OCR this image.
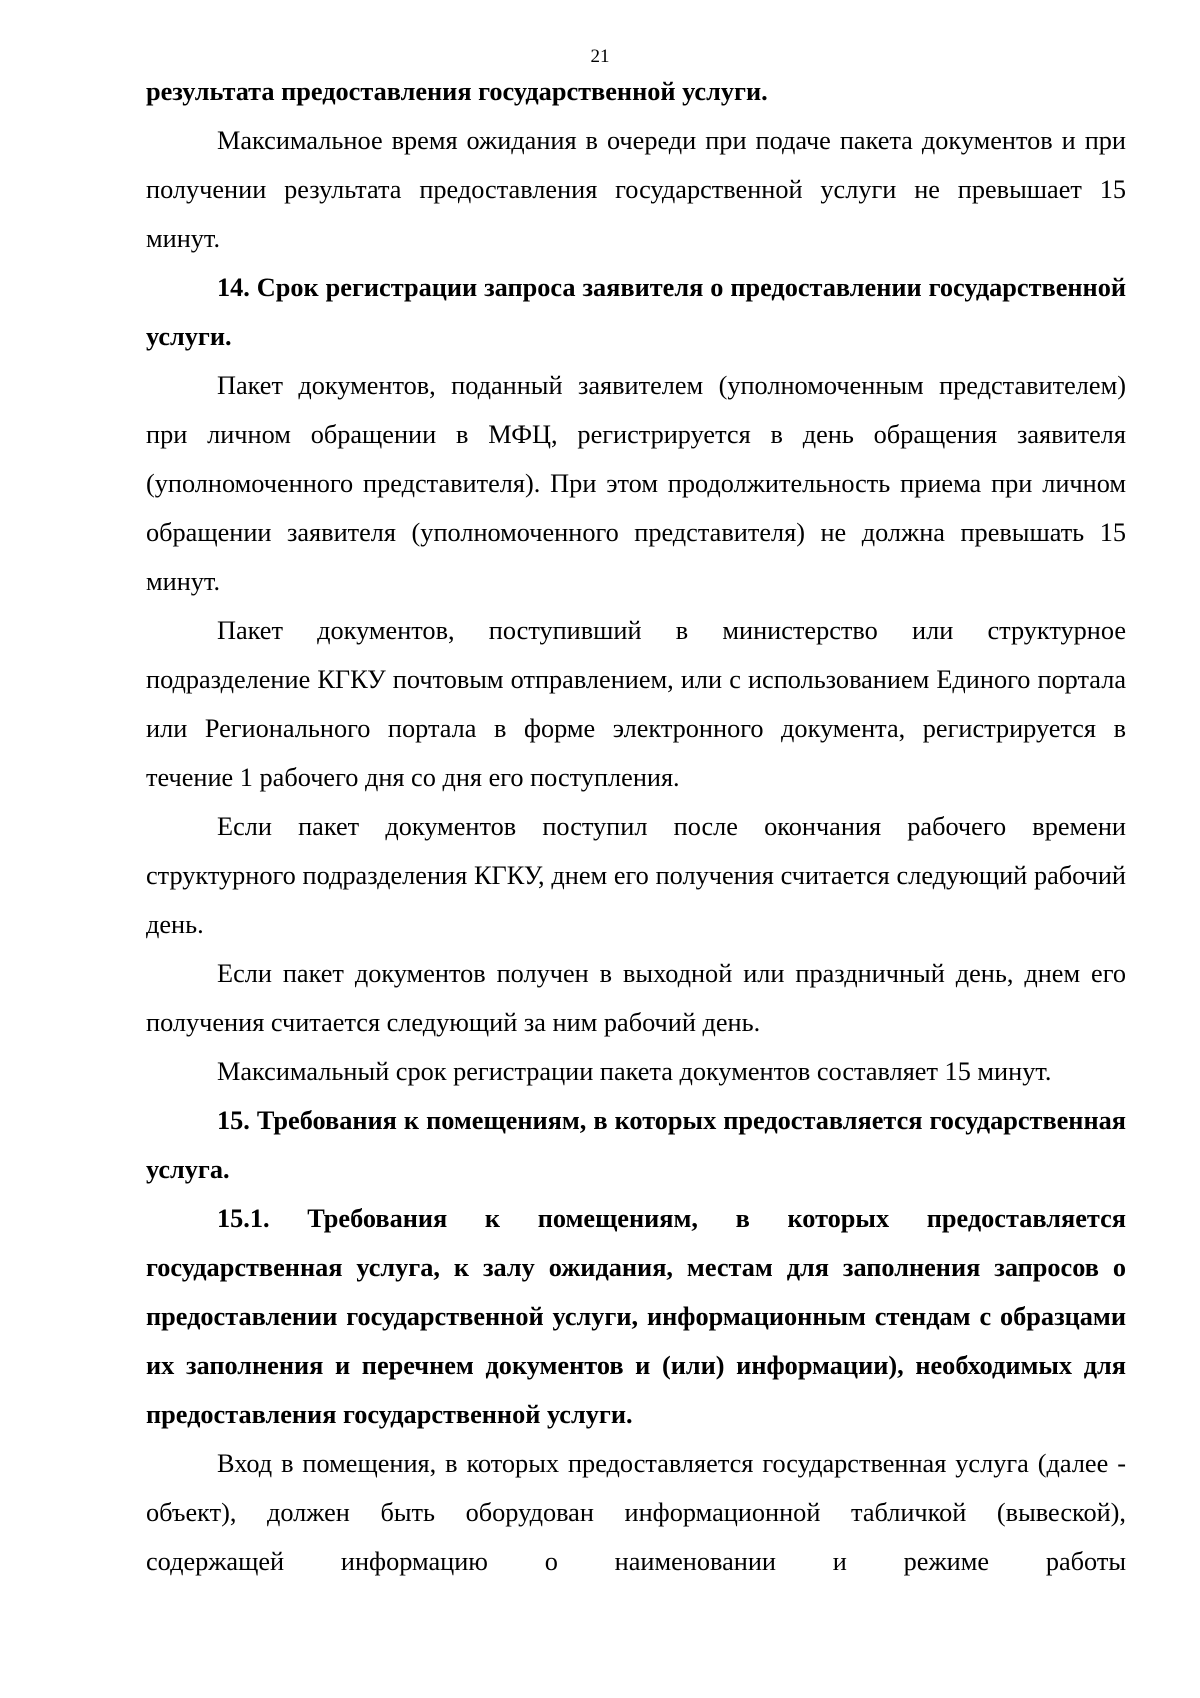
21

результата предоставления государственной услуги.

Максимальное время ожидания в очереди при подаче пакета документов и при получении результата предоставления государственной услуги не превышает 15 минут.

14. Срок регистрации запроса заявителя о предоставлении государственной услуги.

Пакет документов, поданный заявителем (уполномоченным представителем) при личном обращении в МФЦ, регистрируется в день обращения заявителя (уполномоченного представителя). При этом продолжительность приема при личном обращении заявителя (уполномоченного представителя) не должна превышать 15 минут.

Пакет документов, поступивший в министерство или структурное подразделение КГКУ почтовым отправлением, или с использованием Единого портала или Регионального портала в форме электронного документа, регистрируется в течение 1 рабочего дня со дня его поступления.

Если пакет документов поступил после окончания рабочего времени структурного подразделения КГКУ, днем его получения считается следующий рабочий день.

Если пакет документов получен в выходной или праздничный день, днем его получения считается следующий за ним рабочий день.

Максимальный срок регистрации пакета документов составляет 15 минут.

15. Требования к помещениям, в которых предоставляется государственная услуга.

15.1. Требования к помещениям, в которых предоставляется государственная услуга, к залу ожидания, местам для заполнения запросов о предоставлении государственной услуги, информационным стендам с образцами их заполнения и перечнем документов и (или) информации), необходимых для предоставления государственной услуги.

Вход в помещения, в которых предоставляется государственная услуга (далее - объект), должен быть оборудован информационной табличкой (вывеской), содержащей информацию о наименовании и режиме работы
